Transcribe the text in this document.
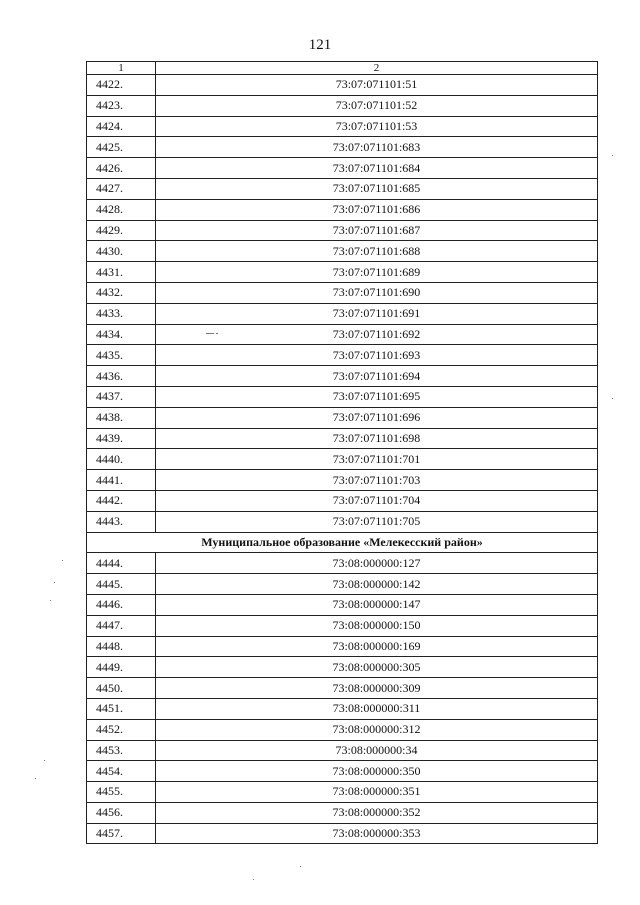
121
1	2
4422.	73:07:071101:51
4423.	73:07:071101:52
4424.	73:07:071101:53
4425.	73:07:071101:683
4426.	73:07:071101:684
4427.	73:07:071101:685
4428.	73:07:071101:686
4429.	73:07:071101:687
4430.	73:07:071101:688
4431.	73:07:071101:689
4432.	73:07:071101:690
4433.	73:07:071101:691
4434.	73:07:071101:692
4435.	73:07:071101:693
4436.	73:07:071101:694
4437.	73:07:071101:695
4438.	73:07:071101:696
4439.	73:07:071101:698
4440.	73:07:071101:701
4441.	73:07:071101:703
4442.	73:07:071101:704
4443.	73:07:071101:705
Муниципальное образование «Мелекесский район»	
4444.	73:08:000000:127
4445.	73:08:000000:142
4446.	73:08:000000:147
4447.	73:08:000000:150
4448.	73:08:000000:169
4449.	73:08:000000:305
4450.	73:08:000000:309
4451.	73:08:000000:311
4452.	73:08:000000:312
4453.	73:08:000000:34
4454.	73:08:000000:350
4455.	73:08:000000:351
4456.	73:08:000000:352
4457.	73:08:000000:353
